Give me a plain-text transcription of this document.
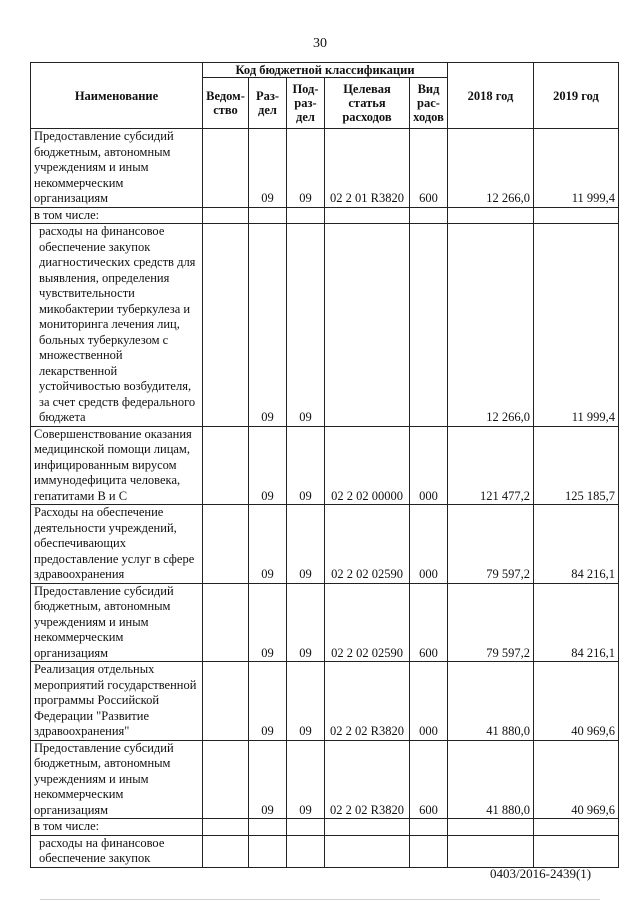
30
Наименование	Код бюджетной классификации					2018 год	2019 год
	Ведом-ство	Раз-дел	Под-раз-дел	Целевая статья расходов	Вид рас-ходов		
Предоставление субсидий бюджетным, автономным учреждениям и иным некоммерческим организациям		09	09	02 2 01 R3820	600	12 266,0	11 999,4
в том числе:							
расходы на финансовое обеспечение закупок диагностических средств для выявления, определения чувствительности микобактерии туберкулеза и мониторинга лечения лиц, больных туберкулезом с множественной лекарственной устойчивостью возбудителя, за счет средств федерального бюджета		09	09			12 266,0	11 999,4
Совершенствование оказания медицинской помощи лицам, инфицированным вирусом иммунодефицита человека, гепатитами В и С		09	09	02 2 02 00000	000	121 477,2	125 185,7
Расходы на обеспечение деятельности учреждений, обеспечивающих предоставление услуг в сфере здравоохранения		09	09	02 2 02 02590	000	79 597,2	84 216,1
Предоставление субсидий бюджетным, автономным учреждениям и иным некоммерческим организациям		09	09	02 2 02 02590	600	79 597,2	84 216,1
Реализация отдельных мероприятий государственной программы Российской Федерации "Развитие здравоохранения"		09	09	02 2 02 R3820	000	41 880,0	40 969,6
Предоставление субсидий бюджетным, автономным учреждениям и иным некоммерческим организациям		09	09	02 2 02 R3820	600	41 880,0	40 969,6
в том числе:							
расходы на финансовое обеспечение закупок							
0403/2016-2439(1)
